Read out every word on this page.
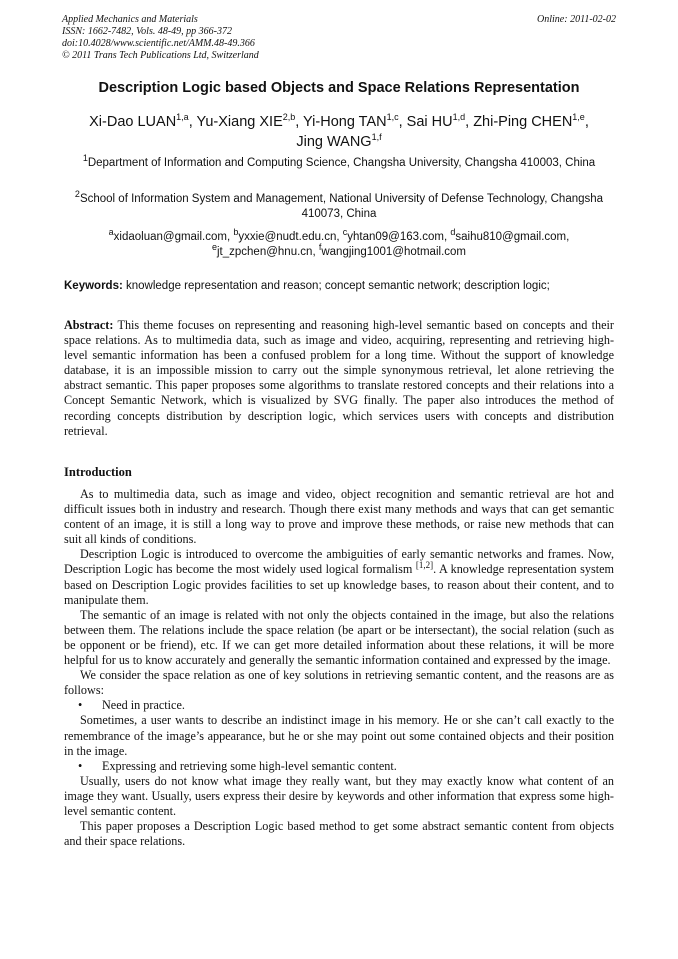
Applied Mechanics and Materials
ISSN: 1662-7482, Vols. 48-49, pp 366-372
doi:10.4028/www.scientific.net/AMM.48-49.366
© 2011 Trans Tech Publications Ltd, Switzerland
Online: 2011-02-02
Description Logic based Objects and Space Relations Representation
Xi-Dao LUAN$^{1,a}$, Yu-Xiang XIE$^{2,b}$, Yi-Hong TAN$^{1,c}$, Sai HU$^{1,d}$, Zhi-Ping CHEN$^{1,e}$,
Jing WANG$^{1,f}$
$^1$Department of Information and Computing Science, Changsha University, Changsha 410003, China
$^2$School of Information System and Management, National University of Defense Technology, Changsha 410073, China
$^a$xidaoluan@gmail.com, $^b$yxxie@nudt.edu.cn, $^c$yhtan09@163.com, $^d$saihu810@gmail.com,
$^e$jt_zpchen@hnu.cn, $^f$wangjing1001@hotmail.com
Keywords: knowledge representation and reason; concept semantic network; description logic;
Abstract: This theme focuses on representing and reasoning high-level semantic based on concepts and their space relations. As to multimedia data, such as image and video, acquiring, representing and retrieving high-level semantic information has been a confused problem for a long time. Without the support of knowledge database, it is an impossible mission to carry out the simple synonymous retrieval, let alone retrieving the abstract semantic. This paper proposes some algorithms to translate restored concepts and their relations into a Concept Semantic Network, which is visualized by SVG finally. The paper also introduces the method of recording concepts distribution by description logic, which services users with concepts and distribution retrieval.
Introduction

As to multimedia data, such as image and video, object recognition and semantic retrieval are hot and difficult issues both in industry and research. Though there exist many methods and ways that can get semantic content of an image, it is still a long way to prove and improve these methods, or raise new methods that can suit all kinds of conditions.

Description Logic is introduced to overcome the ambiguities of early semantic networks and frames. Now, Description Logic has become the most widely used logical formalism [1,2]. A knowledge representation system based on Description Logic provides facilities to set up knowledge bases, to reason about their content, and to manipulate them.

The semantic of an image is related with not only the objects contained in the image, but also the relations between them. The relations include the space relation (be apart or be intersectant), the social relation (such as be opponent or be friend), etc. If we can get more detailed information about these relations, it will be more helpful for us to know accurately and generally the semantic information contained and expressed by the image.

We consider the space relation as one of key solutions in retrieving semantic content, and the reasons are as follows:

• Need in practice.

Sometimes, a user wants to describe an indistinct image in his memory. He or she can’t call exactly to the remembrance of the image’s appearance, but he or she may point out some contained objects and their position in the image.

• Expressing and retrieving some high-level semantic content.

Usually, users do not know what image they really want, but they may exactly know what content of an image they want. Usually, users express their desire by keywords and other information that express some high-level semantic content.

This paper proposes a Description Logic based method to get some abstract semantic content from objects and their space relations.
